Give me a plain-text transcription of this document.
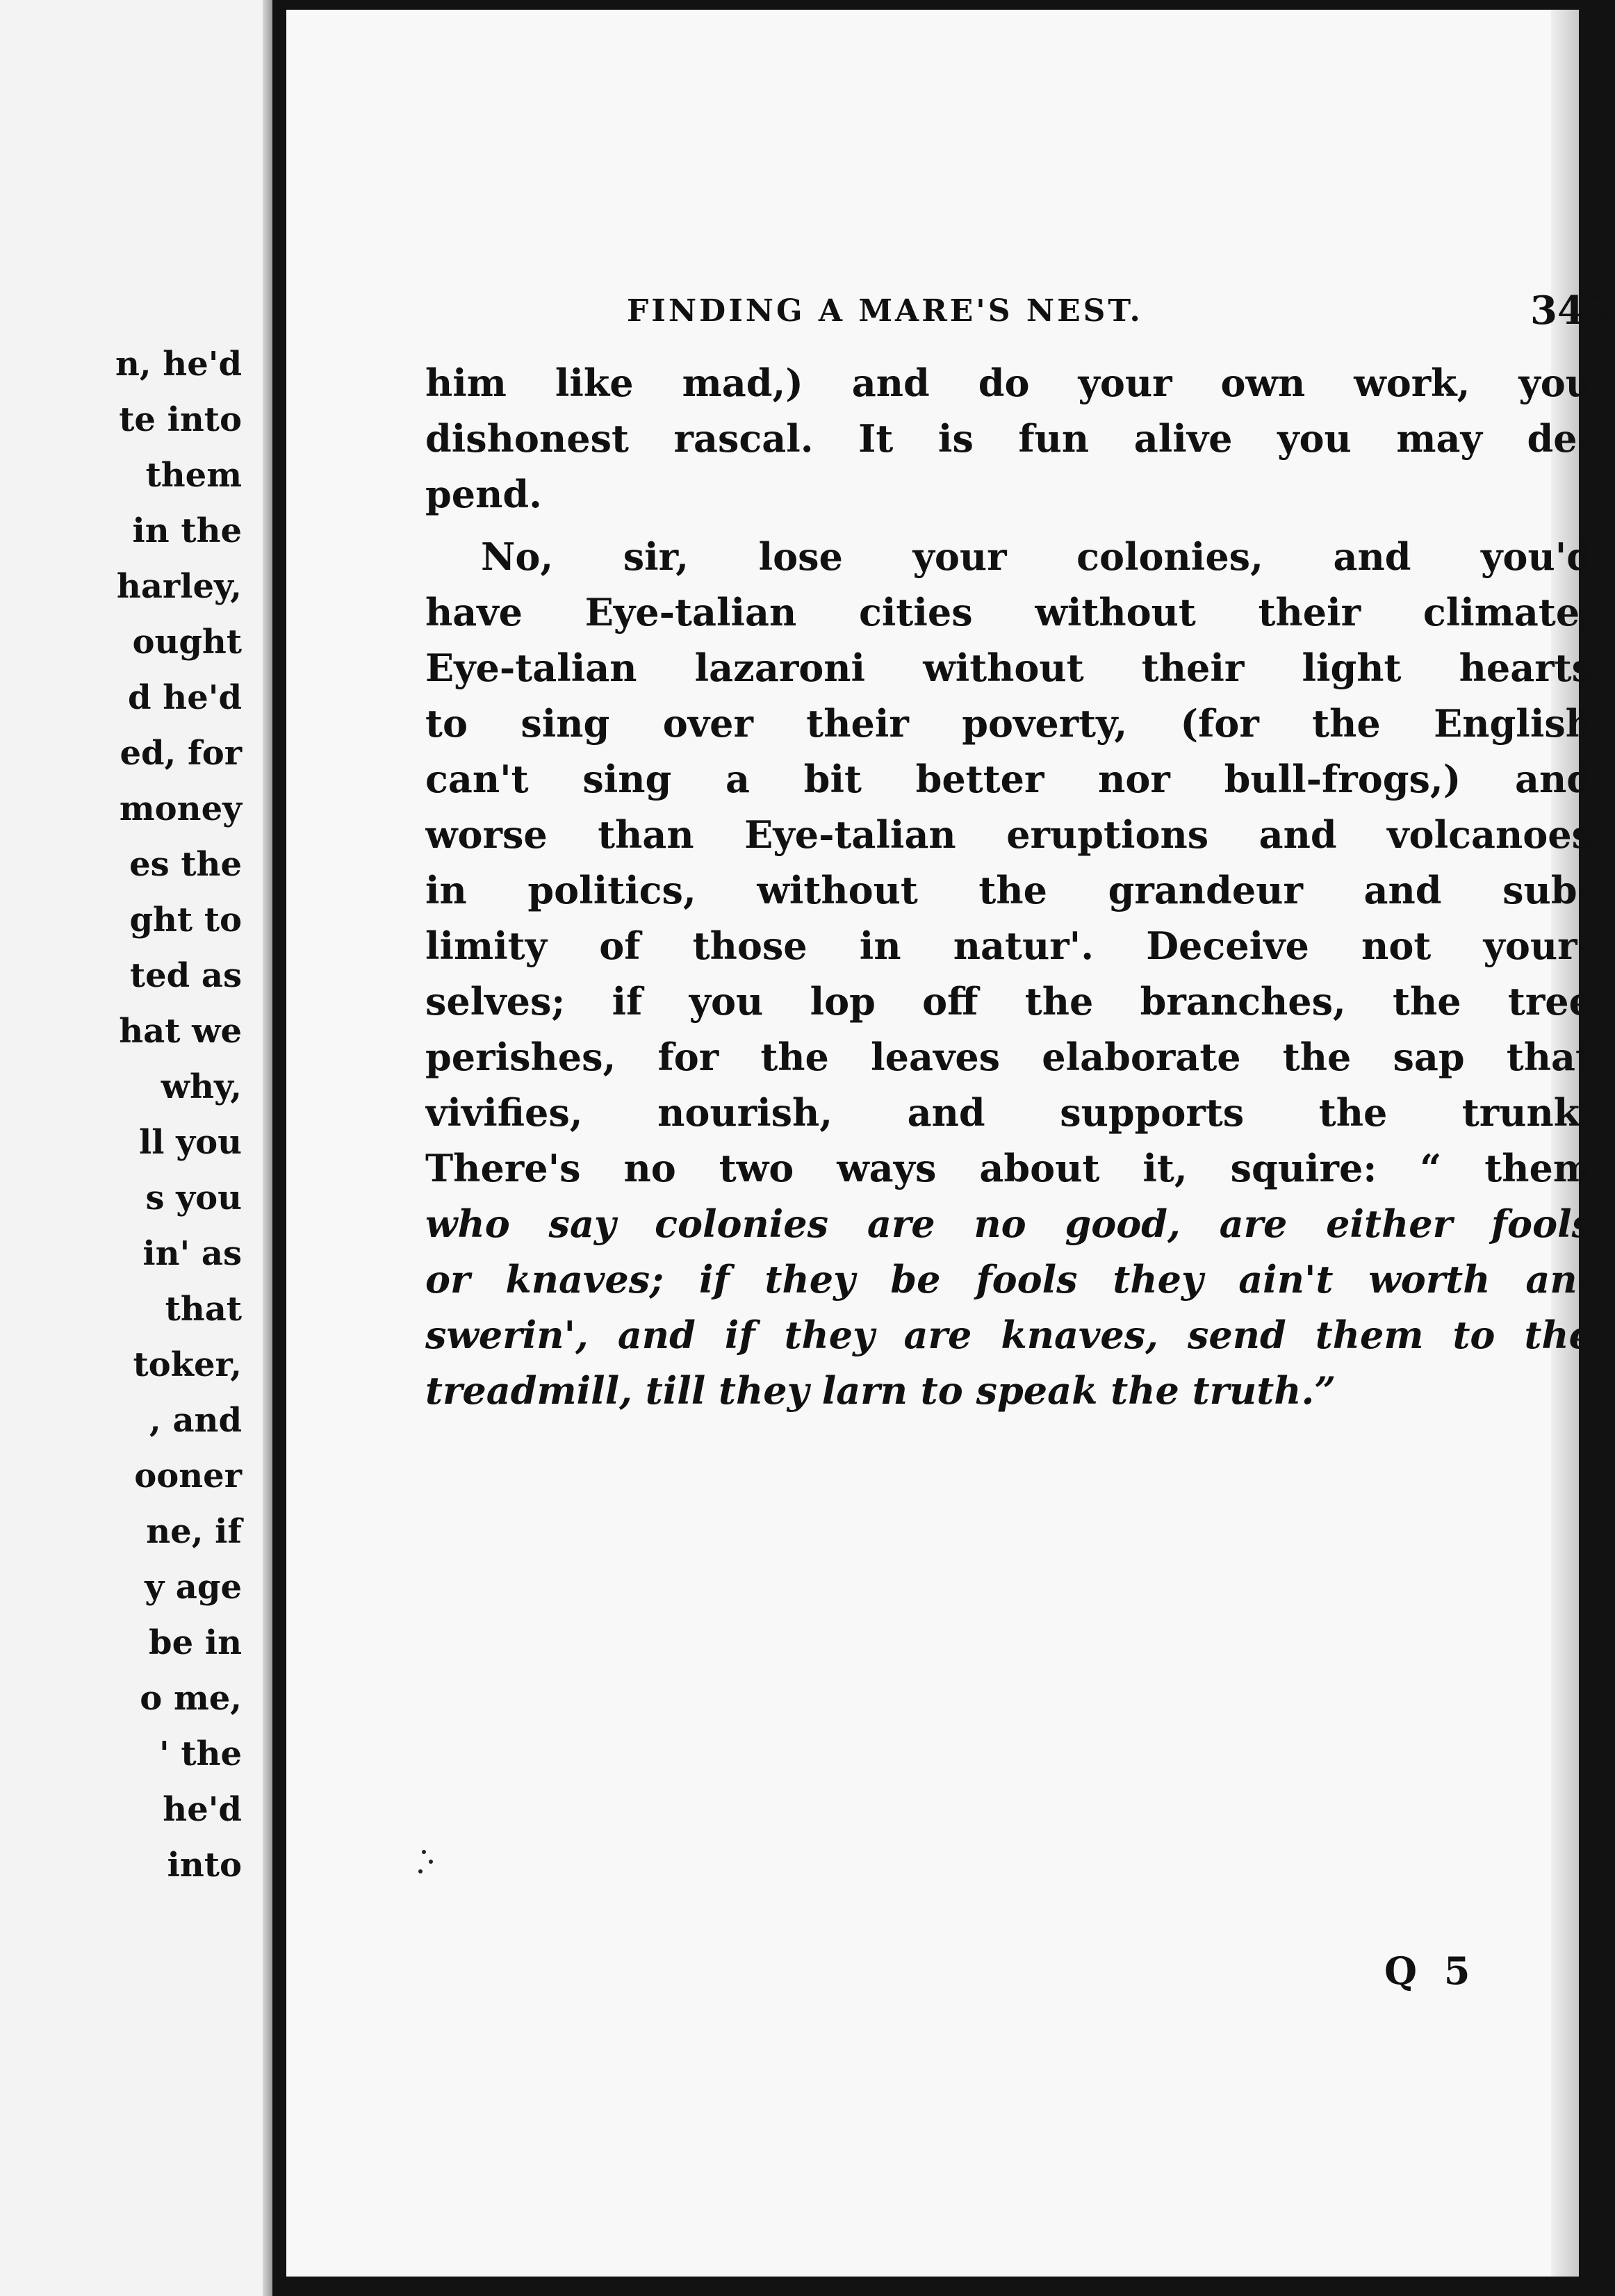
n, he'd
te into
them
in the
harley,
ought
d he'd
ed, for
money
es the
ght to
ted as
hat we
why,
ll you
s you
in' as
that
toker,
, and
ooner
ne, if
y age
be in
o me,
' the
he'd
into
FINDING A MARE'S NEST.	345
him like mad,) and do your own work, you
dishonest rascal. It is fun alive you may de-
pend.
No, sir, lose your colonies, and you'd
have Eye-talian cities without their climate,
Eye-talian lazaroni without their light hearts
to sing over their poverty, (for the English
can't sing a bit better nor bull-frogs,) and
worse than Eye-talian eruptions and volcanoes
in politics, without the grandeur and sub-
limity of those in natur'. Deceive not your-
selves; if you lop off the branches, the tree
perishes, for the leaves elaborate the sap that
vivifies, nourish, and supports the trunk.
There's no two ways about it, squire: “ them
who say colonies are no good, are either fools
or knaves; if they be fools they ain't worth an-
swerin', and if they are knaves, send them to the
treadmill, till they larn to speak the truth.”
Q 5
